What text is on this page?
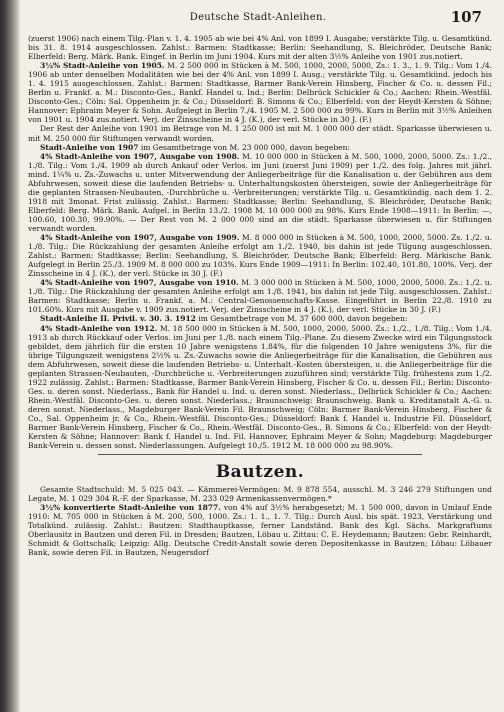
Deutsche Stadt-Anleihen.	107

(zuerst 1906) nach einem Tilg.-Plan v. 1. 4. 1905 ab wie bei 4% Anl. von 1899 I. Ausgabe; verstärkte Tilg. u. Gesamtkünd. bis 31. 8. 1914 ausgeschlossen. Zahlst.: Barmen: Stadtkasse; Berlin: Seehandlung, S. Bleichröder, Deutsche Bank; Elberfeld: Berg. Märk. Bank. Eingef. in Berlin im Juni 1904. Kurs mit der alten 3½% Anleihe von 1901 zus.notiert.

3½% Stadt-Anleihe von 1905. M. 2 500 000 in Stücken à M. 500, 1000, 2000, 5000, Zs.: 1. 3., 1. 9. Tilg.: Vom 1./4. 1906 ab unter denselben Modalitäten wie bei der 4% Anl. von 1899 I. Ausg.; verstärkte Tilg. u. Gesamtkünd. jedoch bis 1. 4. 1915 ausgeschlossen. Zahlst.: Barmen: Stadtkasse, Barmer Bank-Verein Hinsberg, Fischer & Co. u. dessen Fil.; Berlin u. Frankf. a. M.: Disconto-Ges., Bankf. Handel u. Ind.; Berlin: Delbrück Schickler & Co.; Aachen: Rhein.-Westfäl. Disconto-Ges.; Cöln: Sal. Oppenheim jr. & Co.; Düsseldorf: B. Simons & Co.; Elberfeld: von der Heydt-Kersten & Söhne; Hannover: Ephraim Meyer & Sohn. Aufgelegt in Berlin 7./4. 1905 M. 2 500 000 zu 99%. Kurs in Berlin mit 3½% Anleihen von 1901 u. 1904 zus.notiert. Verj. der Zinsscheine in 4 J. (K.), der verl. Stücke in 30 J. (F.)

Der Rest der Anleihe von 1901 im Betrage von M. 1 250 000 ist mit M. 1 000 000 der städt. Sparkasse überwiesen u. mit M. 250 000 für Stiftungen verwandt worden.

Stadt-Anleihe von 1907 im Gesamtbetrage von M. 23 000 000, davon begeben:

4% Stadt-Anleihe von 1907, Ausgabe von 1908. M. 10 000 000 in Stücken à M. 500, 1000, 2000, 5000. Zs.: 1./2., 1./8. Tilg.: Vom 1./4. 1909 ab durch Ankauf oder Verlos. im Juni (zuerst Juni 1909) per 1./2. des folg. Jahres mit jährl. mind. 1¼% u. Zs.-Zuwachs u. unter Mitverwendung der Anliegerbeiträge für die Kanalisation u. der Gebühren aus dem Abfuhrwesen, soweit diese die laufenden Betriebs- u. Unterhaltungskosten übersteigen, sowie der Anliegerbeiträge für die geplanten Strassen-Neubauten, -Durchbrüche u. -Verbreiterungen; verstärkte Tilg. u. Gesamtkündig. nach dem 1. 2. 1918 mit 3monat. Frist zulässig. Zahlst.: Barmen: Stadtkasse; Berlin: Seehandlung, S. Bleichröder, Deutsche Bank; Elberfeld: Berg. Märk. Bank. Aufgel. in Berlin 13./2. 1908 M. 10 000 000 zu 98%. Kurs Ende 1908—1911: In Berlin: —, 100.60, 100.30, 99.90%. — Der Rest von M. 2 000 000 sind an die städt. Sparkasse überwiesen u. für Stiftungen verwandt worden.

4% Stadt-Anleihe von 1907, Ausgabe von 1909. M. 8 000 000 in Stücken à M. 500, 1000, 2000, 5000. Zs. 1./2. u. 1./8. Tilg.: Die Rückzahlung der gesamten Anleihe erfolgt am 1./2. 1940, bis dahin ist jede Tilgung ausgeschlossen. Zahlst.: Barmen: Stadtkasse; Berlin: Seehandlung, S. Bleichröder, Deutsche Bank; Elberfeld: Berg. Märkische Bank. Aufgelegt in Berlin 25./3. 1909 M. 8 000 000 zu 103%. Kurs Ende 1909—1911: In Berlin: 102.40, 101.80, 100%. Verj. der Zinsscheine in 4 J. (K.), der verl. Stücke in 30 J. (F.)

4% Stadt-Anleihe von 1907, Ausgabe von 1910. M. 3 000 000 in Stücken à M. 500, 1000, 2000, 5000. Zs.: 1./2. u. 1./8. Tilg.: Die Rückzahlung der gesamten Anleihe erfolgt am 1./8. 1941, bis dahin ist jede Tilg. ausgeschlossen. Zahlst.: Barmen: Stadtkasse; Berlin u. Frankf. a. M.: Central-Genossenschafts-Kasse. Eingeführt in Berlin 22./8. 1910 zu 101.60%. Kurs mit Ausgabe v. 1909 zus.notiert. Verj. der Zinsscheine in 4 J. (K.), der verl. Stücke in 30 J. (F.)

Stadt-Anleihe II. Privil. v. 30. 3. 1912 im Gesamtbetrage von M. 37 600 000, davon begeben:

4% Stadt-Anleihe von 1912. M. 18 500 000 in Stücken à M. 500, 1000, 2000, 5000. Zs.: 1./2., 1./8. Tilg.: Vom 1./4. 1913 ab durch Rückkauf oder Verlos. im Juni per 1./8. nach einem Tilg.-Plane. Zu diesem Zwecke wird ein Tilgungsstock gebildet, dem jährlich für die ersten 10 Jahre wenigstens 1.84%, für die folgenden 10 Jahre wenigstens 3%, für die übrige Tilgungszeit wenigstens 2½% u. Zs.-Zuwachs sowie die Anliegerbeiträge für die Kanalisation, die Gebühren aus dem Abfuhrwesen, soweit diese die laufenden Betriebs- u. Unterhalt.-Kosten übersteigen, u. die Anliegerbeiträge für die geplanten Strassen-Neubauten, -Durchbrüche u. -Verbreiterungen zuzuführen sind; verstärkte Tilg. frühestens zum 1./2. 1922 zulässig. Zahlst.: Barmen: Stadtkasse, Barmer Bank-Verein Hinsberg, Fischer & Co. u. dessen Fil.; Berlin: Disconto-Ges. u. deren sonst. Niederlass., Bank für Handel u. Ind. u. deren sonst. Niederlass., Delbrück Schickler & Co.; Aachen: Rhein.-Westfäl. Disconto-Ges. u. deren sonst. Niederlass.; Braunschweig: Braunschweig. Bank u. Kreditanstalt A.-G. u. deren sonst. Niederlass., Magdeburger Bank-Verein Fil. Braunschweig; Cöln: Barmer Bank-Verein Hinsberg, Fischer & Co., Sal. Oppenheim jr. & Co., Rhein.-Westfäl. Disconto-Ges.; Düsseldorf: Bank f. Handel u. Industrie Fil. Düsseldorf, Barmer Bank-Verein Hinsberg, Fischer & Co., Rhein.-Westfäl. Disconto-Ges., B. Simons & Co.; Elberfeld: von der Heydt-Kersten & Söhne; Hannover: Bank f. Handel u. Ind. Fil. Hannover, Ephraim Meyer & Sohn; Magdeburg: Magdeburger Bank-Verein u. dessen sonst. Niederlassungen. Aufgelegt 10./5. 1912 M. 18 000 000 zu 98.90%.

Bautzen.

Gesamte Stadtschuld: M. 5 025 043. — Kämmerei-Vermögen: M. 9 878 554, ausschl. M. 3 246 279 Stiftungen und Legate, M. 1 029 304 R.-F. der Sparkasse, M. 233 029 Armenkassenvermögen.*

3½% konvertierte Stadt-Anleihe von 1877. von 4% auf 3½% herabgesetzt; M. 1 500 000, davon in Umlauf Ende 1910: M. 705 000 in Stücken à M. 200, 500, 1000. Zs.: 1. 1., 1. 7. Tilg.: Durch Ausl. bis spät. 1923, Verstärkung und Totalkünd. zulässig. Zahlst.: Bautzen: Stadthauptkasse, ferner Landständ. Bank des Kgl. Sächs. Markgraftums Oberlausitz in Bautzen und deren Fil. in Dresden; Bautzen, Löbau u. Zittau: C. E. Heydemann; Bautzen: Gebr. Reinhardt, Schmidt & Gottschalk; Leipzig: Allg. Deutsche Credit-Anstalt sowie deren Depositenkasse in Bautzen; Löbau: Löbauer Bank, sowie deren Fil. in Bautzen, Neugersdorf
